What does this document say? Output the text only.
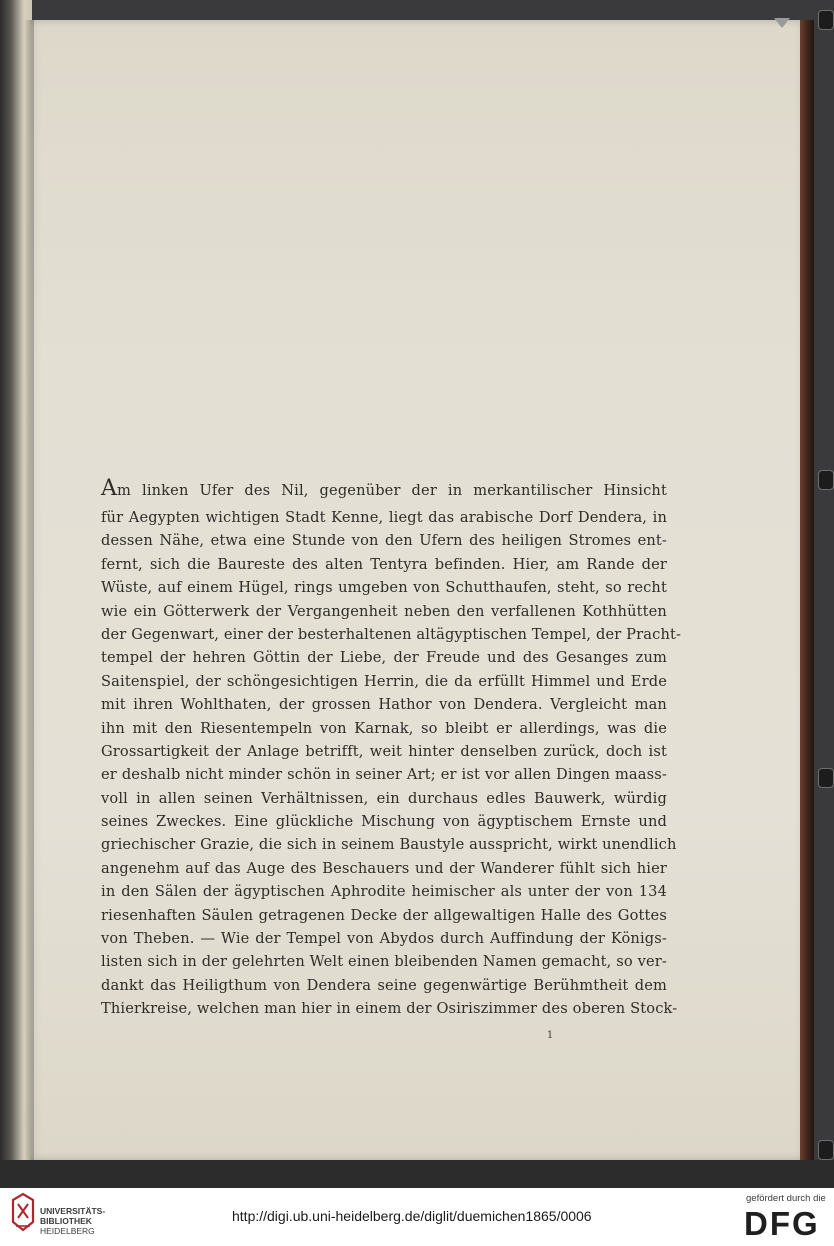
Am linken Ufer des Nil, gegenüber der in merkantilischer Hinsicht
für Aegypten wichtigen Stadt Kenne, liegt das arabische Dorf Dendera, in
dessen Nähe, etwa eine Stunde von den Ufern des heiligen Stromes ent-
fernt, sich die Baureste des alten Tentyra befinden. Hier, am Rande der
Wüste, auf einem Hügel, rings umgeben von Schutthaufen, steht, so recht
wie ein Götterwerk der Vergangenheit neben den verfallenen Kothhütten
der Gegenwart, einer der besterhaltenen altägyptischen Tempel, der Pracht-
tempel der hehren Göttin der Liebe, der Freude und des Gesanges zum
Saitenspiel, der schöngesichtigen Herrin, die da erfüllt Himmel und Erde
mit ihren Wohlthaten, der grossen Hathor von Dendera. Vergleicht man
ihn mit den Riesentempeln von Karnak, so bleibt er allerdings, was die
Grossartigkeit der Anlage betrifft, weit hinter denselben zurück, doch ist
er deshalb nicht minder schön in seiner Art; er ist vor allen Dingen maass-
voll in allen seinen Verhältnissen, ein durchaus edles Bauwerk, würdig
seines Zweckes. Eine glückliche Mischung von ägyptischem Ernste und
griechischer Grazie, die sich in seinem Baustyle ausspricht, wirkt unendlich
angenehm auf das Auge des Beschauers und der Wanderer fühlt sich hier
in den Sälen der ägyptischen Aphrodite heimischer als unter der von 134
riesenhaften Säulen getragenen Decke der allgewaltigen Halle des Gottes
von Theben. — Wie der Tempel von Abydos durch Auffindung der Königs-
listen sich in der gelehrten Welt einen bleibenden Namen gemacht, so ver-
dankt das Heiligthum von Dendera seine gegenwärtige Berühmtheit dem
Thierkreise, welchen man hier in einem der Osiriszimmer des oberen Stock-
1
UNIVERSITÄTS-
BIBLIOTHEK
HEIDELBERG
http://digi.ub.uni-heidelberg.de/diglit/duemichen1865/0006
gefördert durch die
DFG
